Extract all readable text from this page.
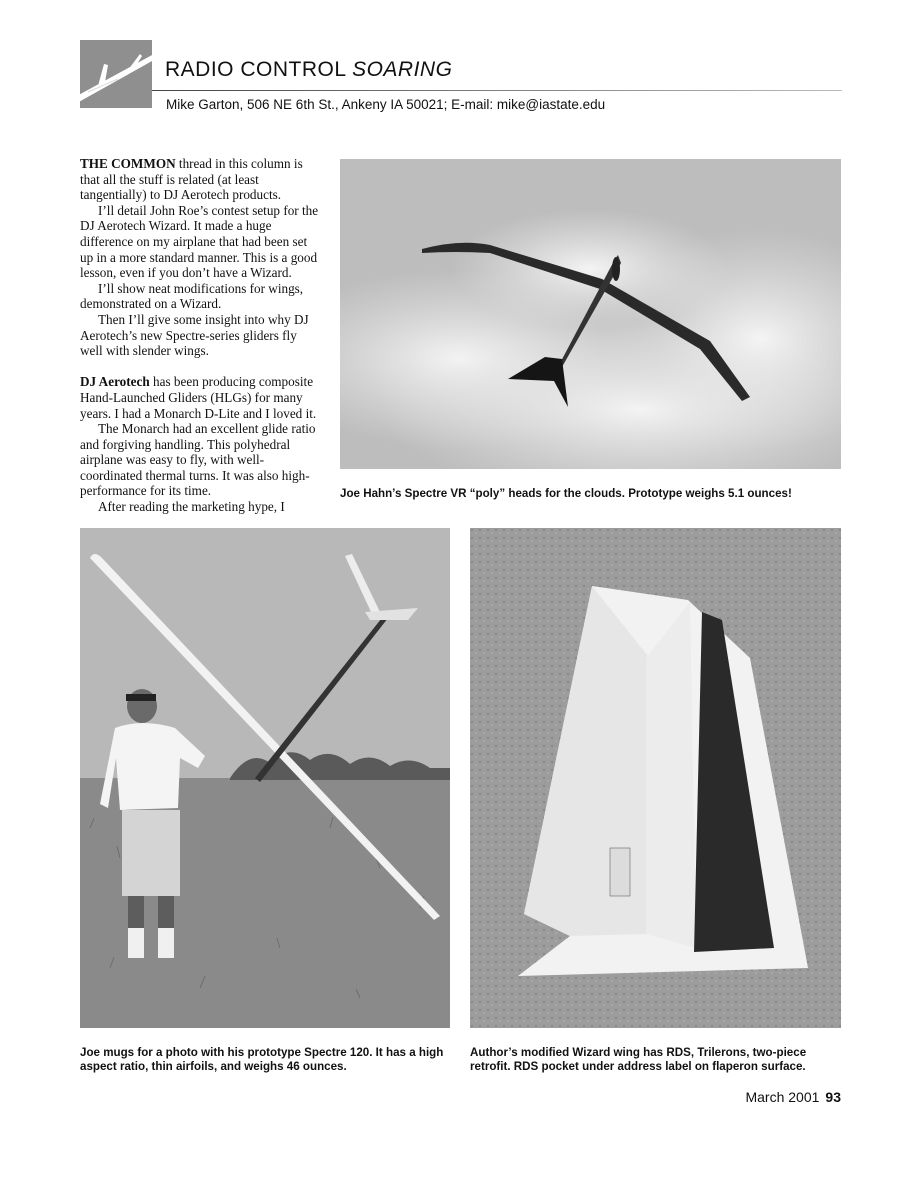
RADIO CONTROL SOARING
Mike Garton, 506 NE 6th St., Ankeny IA 50021; E-mail: mike@iastate.edu

THE COMMON thread in this column is that all the stuff is related (at least tangentially) to DJ Aerotech products.

I’ll detail John Roe’s contest setup for the DJ Aerotech Wizard. It made a huge difference on my airplane that had been set up in a more standard manner. This is a good lesson, even if you don’t have a Wizard.

I’ll show neat modifications for wings, demonstrated on a Wizard.

Then I’ll give some insight into why DJ Aerotech’s new Spectre-series gliders fly well with slender wings.

DJ Aerotech has been producing composite Hand-Launched Gliders (HLGs) for many years. I had a Monarch D-Lite and I loved it.

The Monarch had an excellent glide ratio and forgiving handling. This polyhedral airplane was easy to fly, with well-coordinated thermal turns. It was also high-performance for its time.

After reading the marketing hype, I

Joe Hahn’s Spectre VR “poly” heads for the clouds. Prototype weighs 5.1 ounces!
Joe mugs for a photo with his prototype Spectre 120. It has a high aspect ratio, thin airfoils, and weighs 46 ounces.
Author’s modified Wizard wing has RDS, Trilerons, two-piece retrofit. RDS pocket under address label on flaperon surface.
March 2001 93
